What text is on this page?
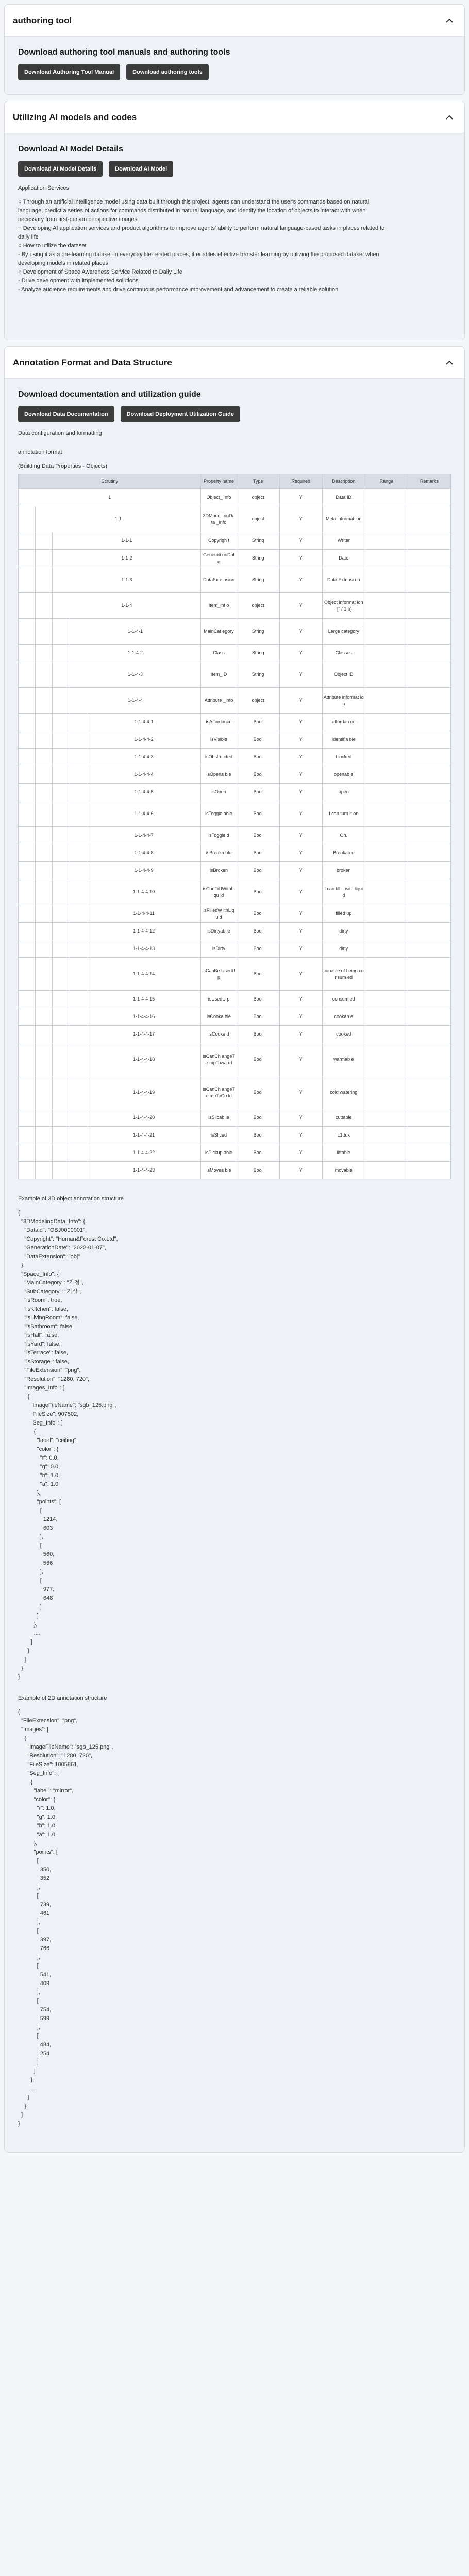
authoring tool
Download authoring tool manuals and authoring tools
Download Authoring Tool Manual	Download authoring tools
Utilizing AI models and codes
Download AI Model Details
Download AI Model Details	Download AI Model
Application Services
○ Through an artificial intelligence model using data built through this project, agents can understand the user's commands based on natural
language, predict a series of actions for commands distributed in natural language, and identify the location of objects to interact with when
necessary from first-person perspective images
○ Developing AI application services and product algorithms to improve agents' ability to perform natural language-based tasks in places related to
daily life
○ How to utilize the dataset
- By using it as a pre-learning dataset in everyday life-related places, it enables effective transfer learning by utilizing the proposed dataset when
developing models in related places
○ Development of Space Awareness Service Related to Daily Life
- Drive development with implemented solutions
- Analyze audience requirements and drive continuous performance improvement and advancement to create a reliable solution
Annotation Format and Data Structure
Download documentation and utilization guide
Download Data Documentation	Download Deployment Utilization Guide
Data configuration and formatting
annotation format
(Building Data Properties - Objects)
Scrutiny					Property name	Type	Required	Description	Range	Remarks
1					Object_i nfo	object	Y	Data ID		
	1-1				3DModeli ngData _info	object	Y	Meta informat ion		
		1-1-1			Copyrigh t	String	Y	Writer		
		1-1-2			Generati onDate	String	Y	Date		
		1-1-3			DataExte nsion	String	Y	Data Extensi on		
		1-1-4			Item_inf o	object	Y	Object informat ion "[" / 1.b)		
			1-1-4-1		MainCat egory	String	Y	Large category		
			1-1-4-2		Class	String	Y	Classes		
			1-1-4-3		Item_ID	String	Y	Object ID		
			1-1-4-4		Attribute _info	object	Y	Attribute informat ion		
				1-1-4-4-1	isAffordance	Bool	Y	affordan ce		
				1-1-4-4-2	isVisible	Bool	Y	Identifia ble		
				1-1-4-4-3	isObstru cted	Bool	Y	blocked		
				1-1-4-4-4	isOpena ble	Bool	Y	openab e		
				1-1-4-4-5	isOpen	Bool	Y	open		
				1-1-4-4-6	isToggle able	Bool	Y	I can turn it on		
				1-1-4-4-7	isToggle d	Bool	Y	On.		
				1-1-4-4-8	isBreaka ble	Bool	Y	Breakab e		
				1-1-4-4-9	isBroken	Bool	Y	broken		
				1-1-4-4-10	isCanFil lWithLiqu id	Bool	Y	I can fill it with liquid		
				1-1-4-4-11	isFilledW ithLiquid	Bool	Y	filled up		
				1-1-4-4-12	isDirtyab le	Bool	Y	dirty		
				1-1-4-4-13	isDirty	Bool	Y	dirty		
				1-1-4-4-14	isCanBe UsedUp	Bool	Y	capable of being consum ed		
				1-1-4-4-15	isUsedU p	Bool	Y	consum ed		
				1-1-4-4-16	isCooka ble	Bool	Y	cookab e		
				1-1-4-4-17	isCooke d	Bool	Y	cooked		
				1-1-4-4-18	isCanCh angeTe mpTowa rd	Bool	Y	warmab e		
				1-1-4-4-19	isCanCh angeTe mpToCo ld	Bool	Y	cold watering		
				1-1-4-4-20	isSlicab le	Bool	Y	cuttable		
				1-1-4-4-21	isSliced	Bool	Y	L1ttuk		
				1-1-4-4-22	isPickup able	Bool	Y	liftable		
				1-1-4-4-23	isMovea ble	Bool	Y	movable		
Example of 3D object annotation structure
{
"3DModelingData_Info": {
"Dataid": "OBJ0000001",
"Copyright": "Human&Forest Co.Ltd",
"GenerationDate": "2022-01-07",
"DataExtension": "obj"
},
"Space_Info": {
"MainCategory": "가정",
"SubCategory": "거실",
"isRoom": true,
"isKitchen": false,
"isLivingRoom": false,
"isBathroom": false,
"isHall": false,
"isYard": false,
"isTerrace": false,
"isStorage": false,
"FileExtension": "png",
"Resolution": "1280, 720",
"Images_Info": [
{
"ImageFileName": "sgb_125.png",
"FileSize": 907502,
"Seg_Info": [
{
"label": "ceiling",
"color": {
"r": 0.0,
"g": 0.0,
"b": 1.0,
"a": 1.0
},
"points": [
[
1214,
603
],
[
560,
566
],
[
977,
648
]
]
},
....
]
}
]
}
}
Example of 2D annotation structure
{
"FileExtension": "png",
"Images": [
{
"ImageFileName": "sgb_125.png",
"Resolution": "1280, 720",
"FileSize": 1005861,
"Seg_Info": [
{
"label": "mirror",
"color": {
"r": 1.0,
"g": 1.0,
"b": 1.0,
"a": 1.0
},
"points": [
[
350,
352
],
[
739,
461
],
[
397,
766
],
[
541,
409
],
[
754,
599
],
[
484,
254
]
]
},
....
]
}
]
}
